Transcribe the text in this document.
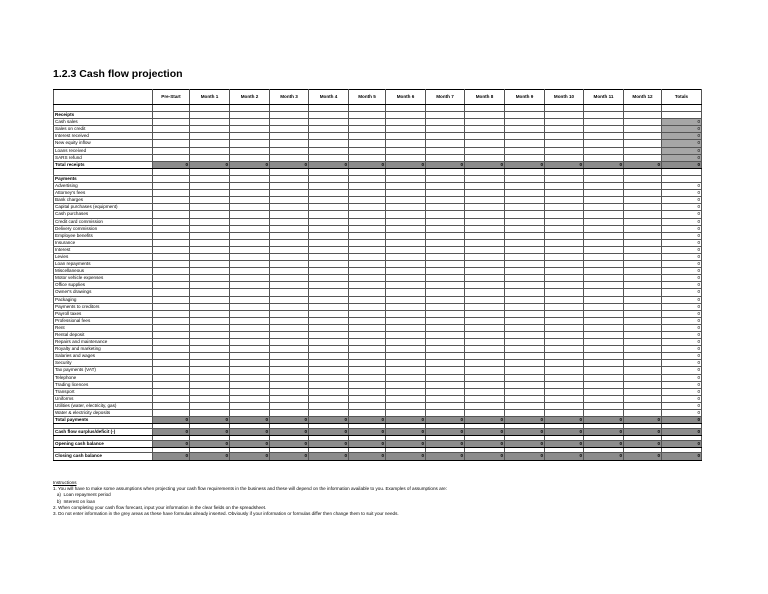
1.2.3 Cash flow projection
	Pre-Start	Month 1	Month 2	Month 3	Month 4	Month 5	Month 6	Month 7	Month 8	Month 9	Month 10	Month 11	Month 12	Totals

Receipts														
Cash sales														0
Sales on credit														0
Interest received														0
New equity inflow														0
Loans received														0
SARS refund														0
Total receipts	0	0	0	0	0	0	0	0	0	0	0	0	0	0

Payments														
Advertising														0
Attorney's fees														0
Bank charges														0
Capital purchases (equipment)														0
Cash purchases														0
Credit card commission														0
Delivery commission														0
Employee benefits														0
Insurance														0
Interest														0
Levies														0
Loan repayments														0
Miscellaneous														0
Motor vehicle expenses														0
Office supplies														0
Owner's drawings														0
Packaging														0
Payments to creditors														0
Payroll taxes														0
Professional fees														0
Rent														0
Rental deposit														0
Repairs and maintenance														0
Royalty and marketing														0
Salaries and wages														0
Security														0
Tax payments (VAT)														0
Telephone														0
Trading licences														0
Transport														0
Uniforms														0
Utilities (water, electricity, gas)														0
Water & electricity deposits														0
Total payments	0	0	0	0	0	0	0	0	0	0	0	0	0	0

Cash flow surplus/deficit (-)	0	0	0	0	0	0	0	0	0	0	0	0	0	0

Opening cash balance	0	0	0	0	0	0	0	0	0	0	0	0	0	0

Closing cash balance	0	0	0	0	0	0	0	0	0	0	0	0	0	0
Instructions
1. You will have to make some assumptions when projecting your cash flow requirements in the business and these will depend on the information available to you. Examples of assumptions are:
a)  Loan repayment period
b)  Interest on loan
2. When completing your cash flow forecast, input your information in the clear fields on the spreadsheet.
3. Do not enter information in the grey areas as these have formulas already inserted. Obviously if your information or formulas differ then change them to suit your needs.
